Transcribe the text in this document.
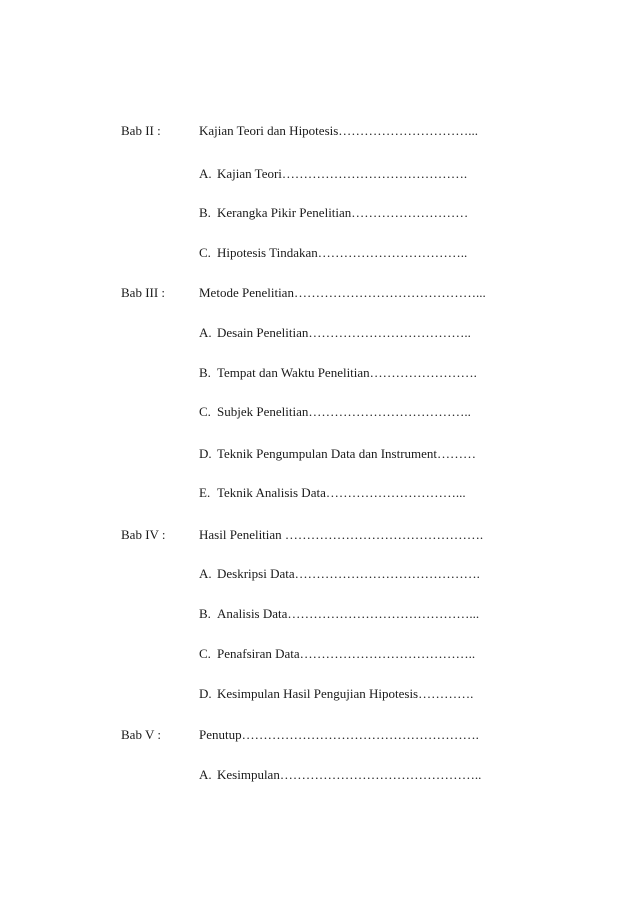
Bab II :	Kajian Teori dan Hipotesis…………………………...
A. Kajian Teori…………………………………….
B. Kerangka Pikir Penelitian………………………
C. Hipotesis Tindakan……………………………..
Bab III :	Metode Penelitian……………………………………...
A. Desain Penelitian………………………………..
B. Tempat dan Waktu Penelitian…………………….
C. Subjek Penelitian………………………………..
D. Teknik Pengumpulan Data dan Instrument………
E. Teknik Analisis Data…………………………...
Bab IV :	Hasil Penelitian ……………………………………….
A. Deskripsi Data…………………………………….
B. Analisis Data……………………………………...
C. Penafsiran Data…………………………………..
D. Kesimpulan Hasil Pengujian Hipotesis………….
Bab V :	Penutup……………………………………………….
A. Kesimpulan………………………………………..
